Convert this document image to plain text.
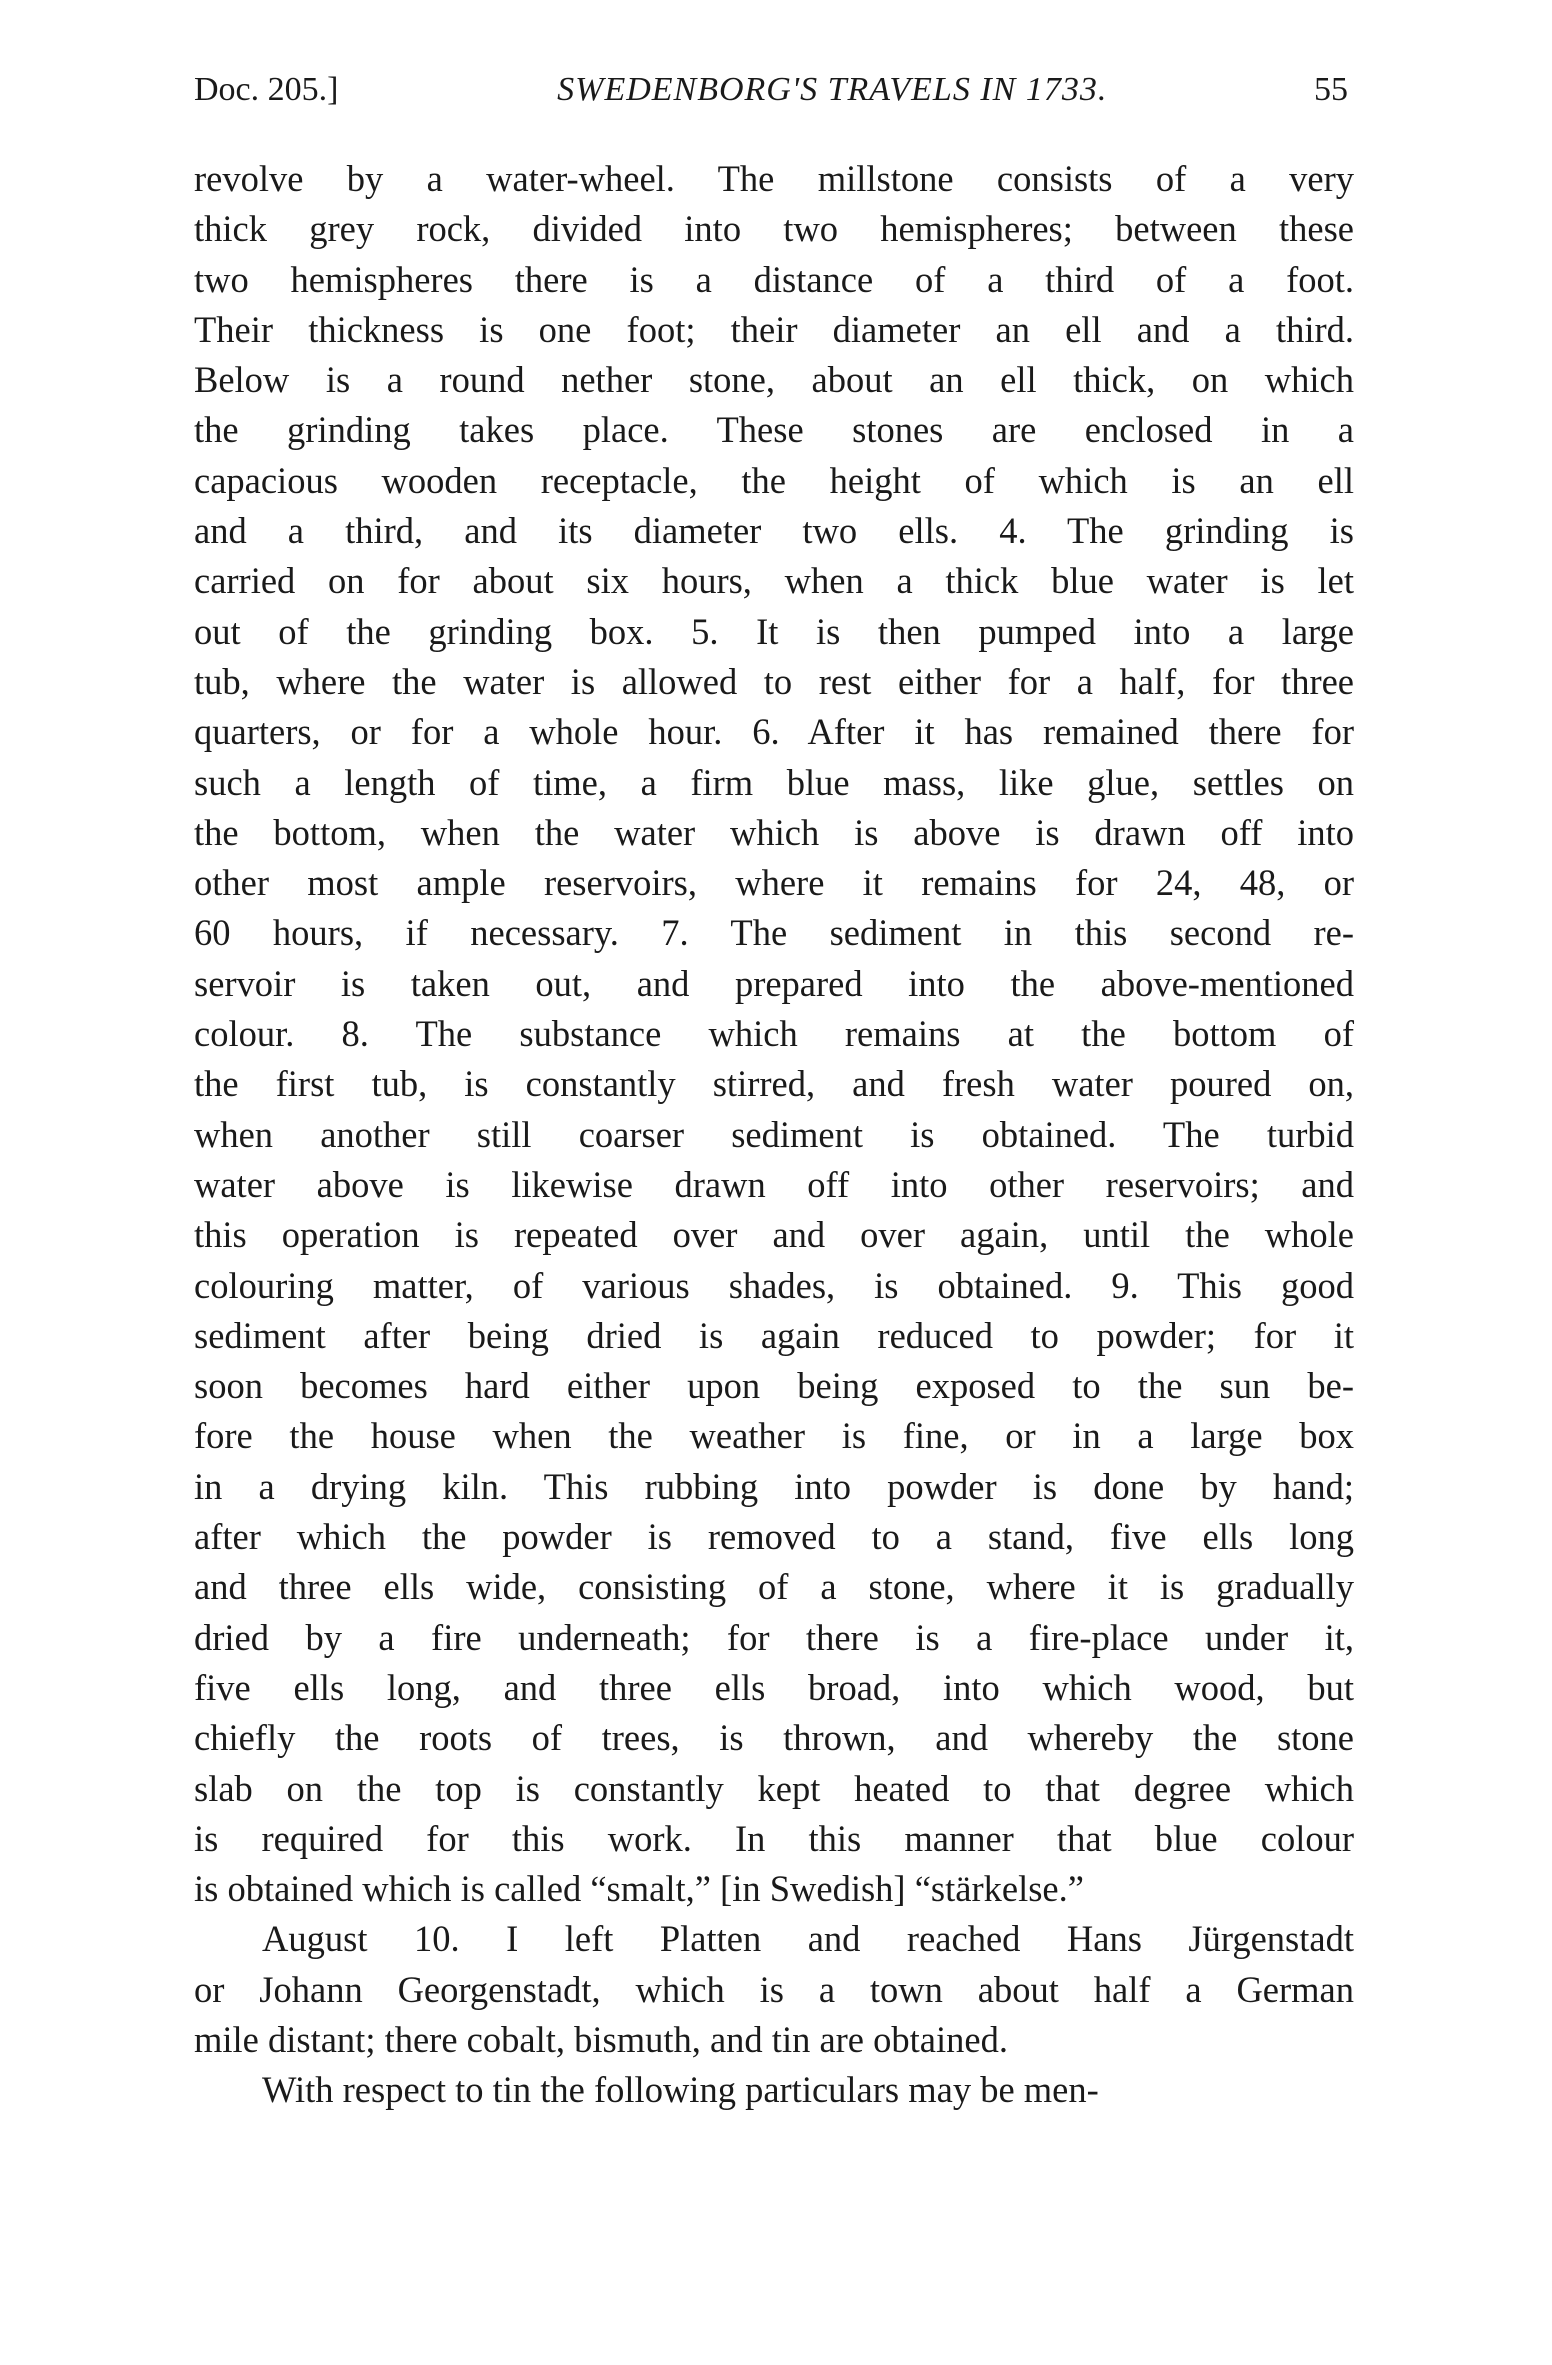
Doc. 205.]	SWEDENBORG'S TRAVELS IN 1733.	55
revolve by a water-wheel. The millstone consists of a very
thick grey rock, divided into two hemispheres; between these
two hemispheres there is a distance of a third of a foot.
Their thickness is one foot; their diameter an ell and a third.
Below is a round nether stone, about an ell thick, on which
the grinding takes place. These stones are enclosed in a
capacious wooden receptacle, the height of which is an ell
and a third, and its diameter two ells. 4. The grinding is
carried on for about six hours, when a thick blue water is let
out of the grinding box. 5. It is then pumped into a large
tub, where the water is allowed to rest either for a half, for three
quarters, or for a whole hour. 6. After it has remained there for
such a length of time, a firm blue mass, like glue, settles on
the bottom, when the water which is above is drawn off into
other most ample reservoirs, where it remains for 24, 48, or
60 hours, if necessary. 7. The sediment in this second re-
servoir is taken out, and prepared into the above-mentioned
colour. 8. The substance which remains at the bottom of
the first tub, is constantly stirred, and fresh water poured on,
when another still coarser sediment is obtained. The turbid
water above is likewise drawn off into other reservoirs; and
this operation is repeated over and over again, until the whole
colouring matter, of various shades, is obtained. 9. This good
sediment after being dried is again reduced to powder; for it
soon becomes hard either upon being exposed to the sun be-
fore the house when the weather is fine, or in a large box
in a drying kiln. This rubbing into powder is done by hand;
after which the powder is removed to a stand, five ells long
and three ells wide, consisting of a stone, where it is gradually
dried by a fire underneath; for there is a fire-place under it,
five ells long, and three ells broad, into which wood, but
chiefly the roots of trees, is thrown, and whereby the stone
slab on the top is constantly kept heated to that degree which
is required for this work. In this manner that blue colour
is obtained which is called “smalt,” [in Swedish] “stärkelse.”
August 10. I left Platten and reached Hans Jürgenstadt
or Johann Georgenstadt, which is a town about half a German
mile distant; there cobalt, bismuth, and tin are obtained.
With respect to tin the following particulars may be men-
